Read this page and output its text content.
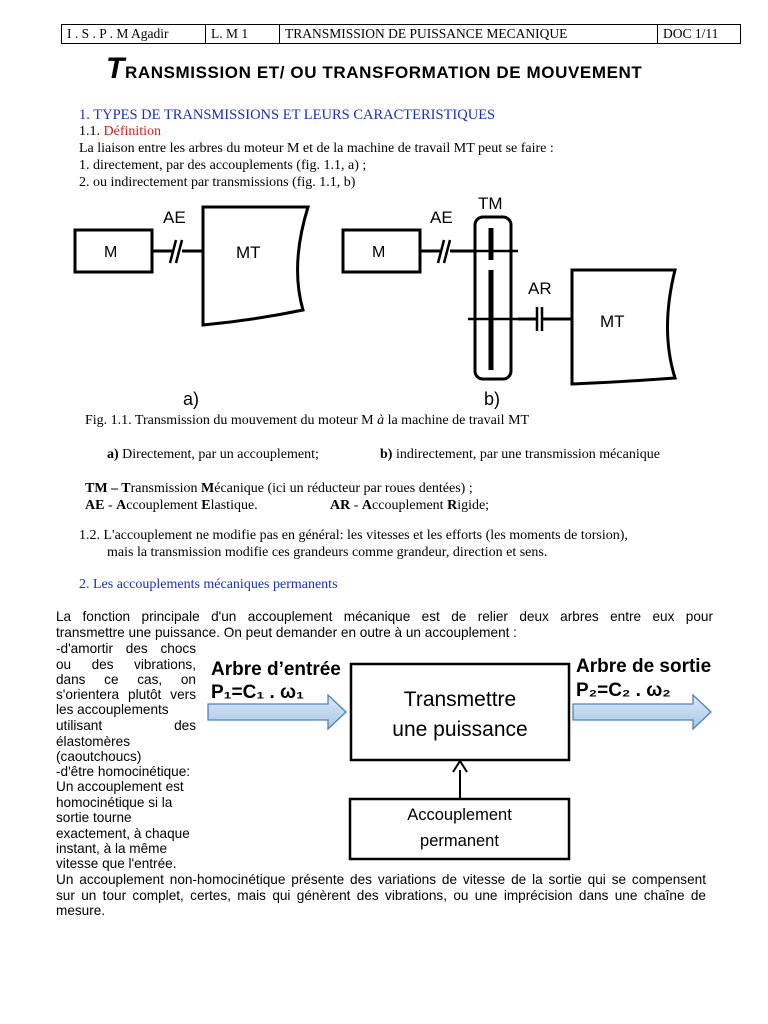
I . S . P . M Agadir	L. M 1	TRANSMISSION DE PUISSANCE MECANIQUE	DOC 1/11
TRANSMISSION ET/ OU TRANSFORMATION DE MOUVEMENT
1. TYPES DE TRANSMISSIONS ET LEURS CARACTERISTIQUES
1.1. Définition
La liaison entre les arbres du moteur M et de la machine de travail MT peut se faire :
1. directement, par des accouplements (fig. 1.1, a) ;
2. ou indirectement par transmissions (fig. 1.1, b)
M
AE
MT	M
AE
TM
AR
MT
a)	b)
Fig. 1.1. Transmission du mouvement du moteur M à la machine de travail MT
a) Directement, par un accouplement;	b) indirectement, par une transmission mécanique
TM – Transmission Mécanique (ici un réducteur par roues dentées) ;
AE - Accouplement Elastique.	AR - Accouplement Rigide;
1.2. L'accouplement ne modifie pas en général: les vitesses et les efforts (les moments de torsion),
mais la transmission modifie ces grandeurs comme grandeur, direction et sens.
2. Les accouplements mécaniques permanents
La fonction principale d'un accouplement mécanique est de relier deux arbres entre eux pour
transmettre une puissance. On peut demander en outre à un accouplement :
-d'amortir des chocs
ou des vibrations,
dans ce cas, on
s'orientera plutôt vers
les accouplements
utilisant des
élastomères
(caoutchoucs)
-d'être homocinétique:
Un accouplement est
homocinétique si la
sortie tourne
exactement, à chaque
instant, à la même
vitesse que l'entrée.
Arbre d’entrée
P₁=C₁ . ω₁
Arbre de sortie
P₂=C₂ . ω₂
Transmettre
une puissance
Accouplement
permanent
Un accouplement non-homocinétique présente des variations de vitesse de la sortie qui se compensent
sur un tour complet, certes, mais qui génèrent des vibrations, ou une imprécision dans une chaîne de
mesure.
